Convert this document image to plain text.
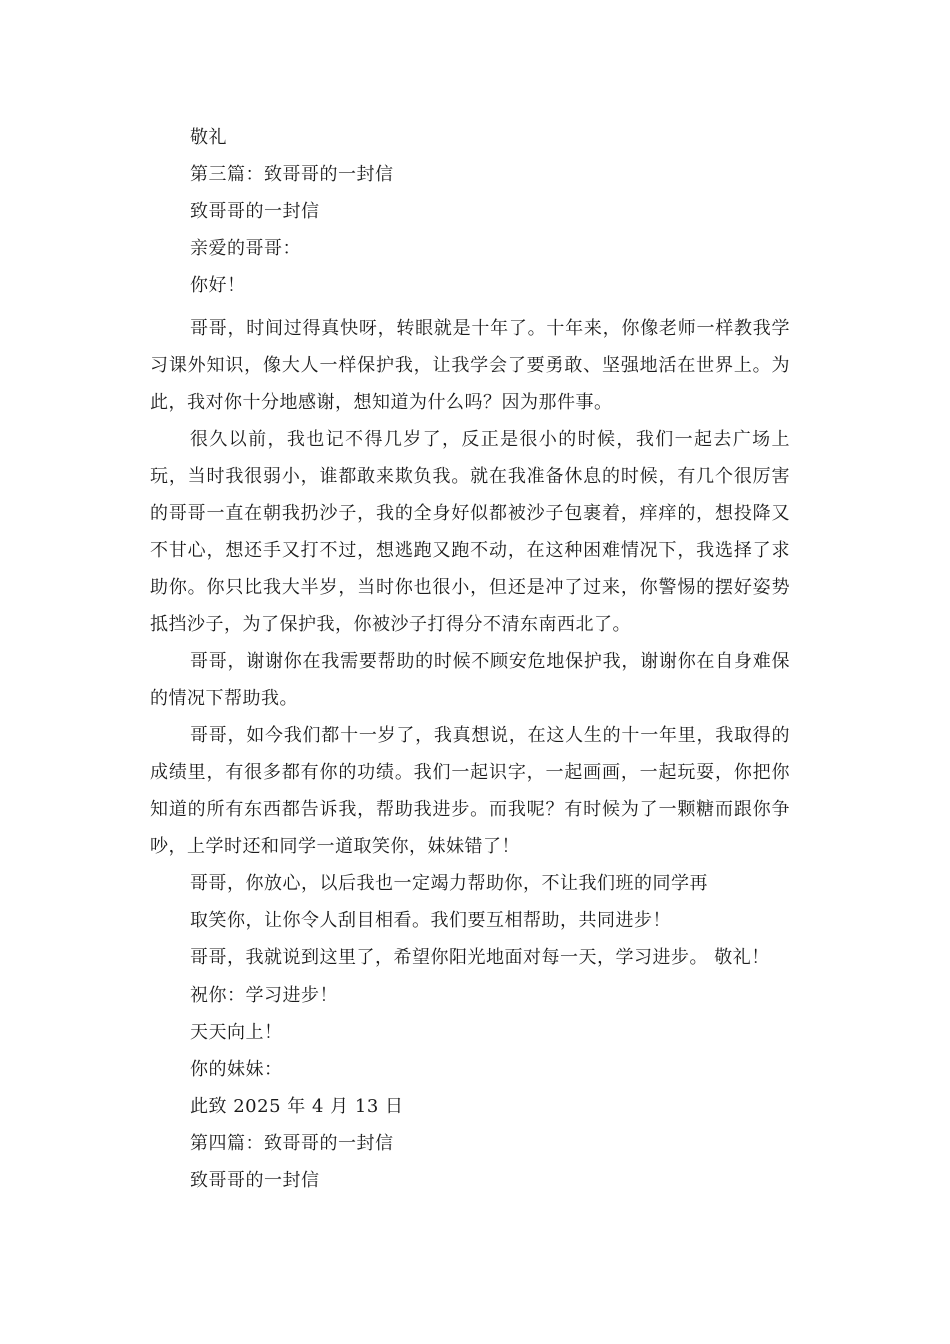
敬礼
第三篇：致哥哥的一封信
致哥哥的一封信
亲爱的哥哥：
你好！
哥哥，时间过得真快呀，转眼就是十年了。十年来，你像老师一样教我学习课外知识，像大人一样保护我，让我学会了要勇敢、坚强地活在世界上。为此，我对你十分地感谢，想知道为什么吗？因为那件事。
很久以前，我也记不得几岁了，反正是很小的时候，我们一起去广场上玩，当时我很弱小，谁都敢来欺负我。就在我准备休息的时候，有几个很厉害的哥哥一直在朝我扔沙子，我的全身好似都被沙子包裹着，痒痒的，想投降又不甘心，想还手又打不过，想逃跑又跑不动，在这种困难情况下，我选择了求助你。你只比我大半岁，当时你也很小，但还是冲了过来，你警惕的摆好姿势抵挡沙子，为了保护我，你被沙子打得分不清东南西北了。
哥哥，谢谢你在我需要帮助的时候不顾安危地保护我，谢谢你在自身难保的情况下帮助我。
哥哥，如今我们都十一岁了，我真想说，在这人生的十一年里，我取得的成绩里，有很多都有你的功绩。我们一起识字，一起画画，一起玩耍，你把你知道的所有东西都告诉我，帮助我进步。而我呢？有时候为了一颗糖而跟你争吵，上学时还和同学一道取笑你，妹妹错了！
哥哥，你放心，以后我也一定竭力帮助你，不让我们班的同学再
取笑你，让你令人刮目相看。我们要互相帮助，共同进步！
哥哥，我就说到这里了，希望你阳光地面对每一天，学习进步。 敬礼！
祝你：学习进步！
天天向上！
你的妹妹：
此致 2025 年 4 月 13 日
第四篇：致哥哥的一封信
致哥哥的一封信
